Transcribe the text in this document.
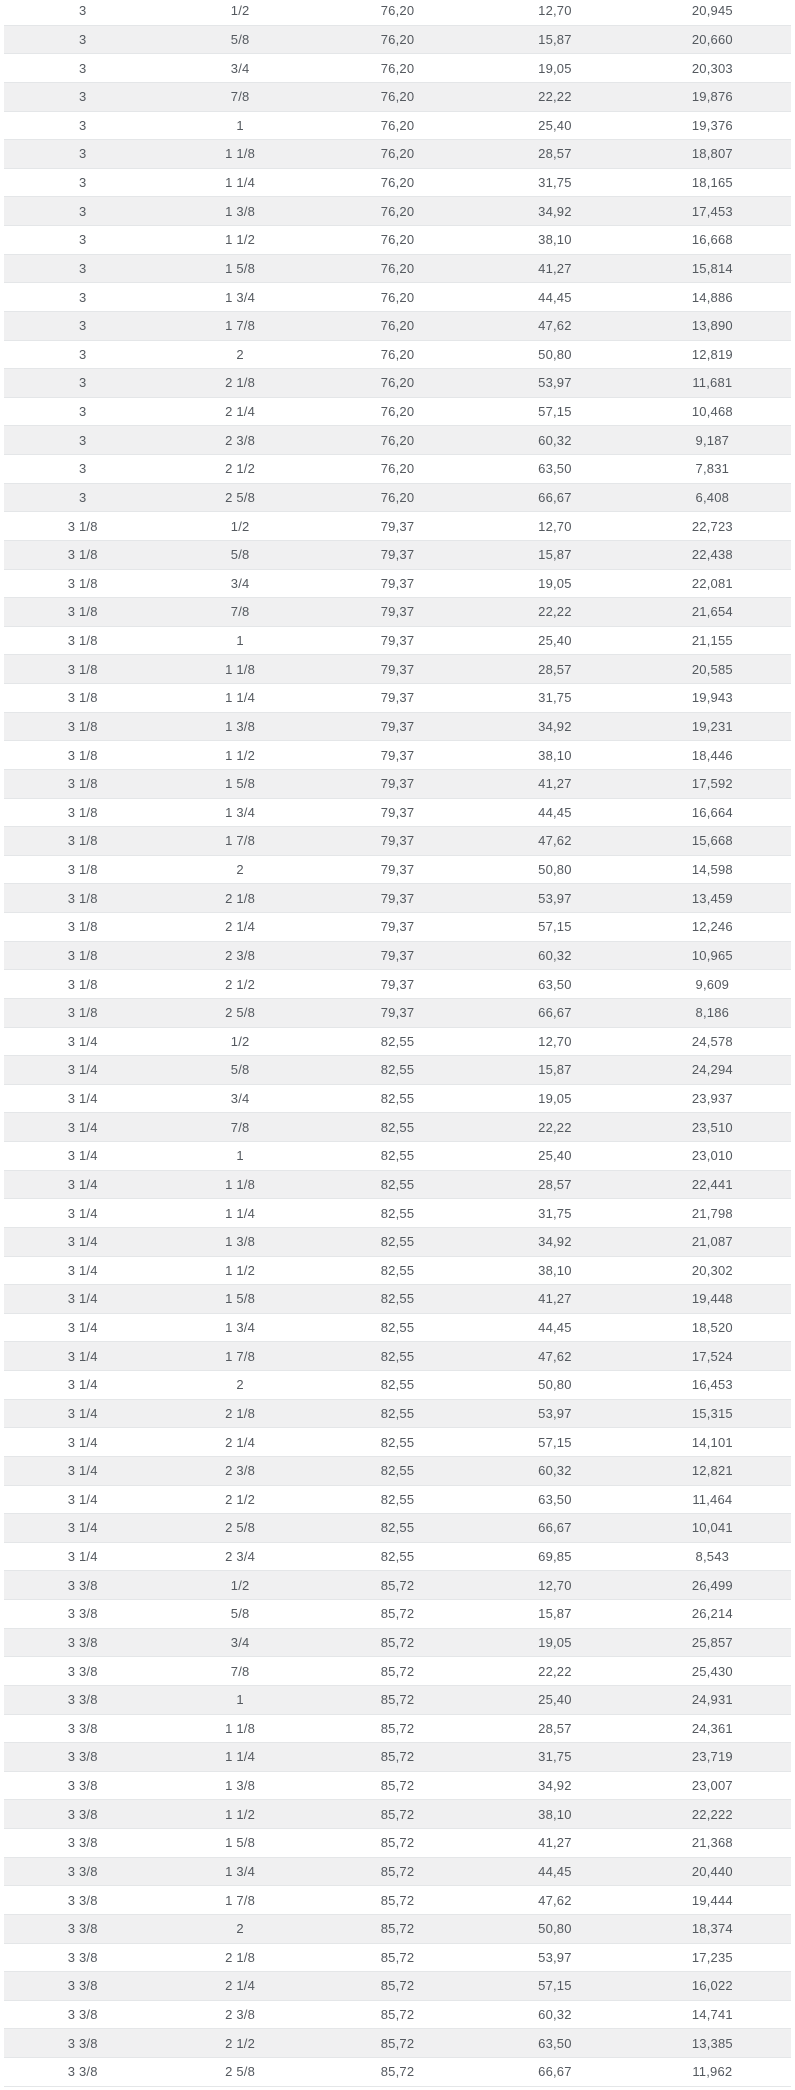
3	1/2	76,20	12,70	20,945
3	5/8	76,20	15,87	20,660
3	3/4	76,20	19,05	20,303
3	7/8	76,20	22,22	19,876
3	1	76,20	25,40	19,376
3	1 1/8	76,20	28,57	18,807
3	1 1/4	76,20	31,75	18,165
3	1 3/8	76,20	34,92	17,453
3	1 1/2	76,20	38,10	16,668
3	1 5/8	76,20	41,27	15,814
3	1 3/4	76,20	44,45	14,886
3	1 7/8	76,20	47,62	13,890
3	2	76,20	50,80	12,819
3	2 1/8	76,20	53,97	11,681
3	2 1/4	76,20	57,15	10,468
3	2 3/8	76,20	60,32	9,187
3	2 1/2	76,20	63,50	7,831
3	2 5/8	76,20	66,67	6,408
3 1/8	1/2	79,37	12,70	22,723
3 1/8	5/8	79,37	15,87	22,438
3 1/8	3/4	79,37	19,05	22,081
3 1/8	7/8	79,37	22,22	21,654
3 1/8	1	79,37	25,40	21,155
3 1/8	1 1/8	79,37	28,57	20,585
3 1/8	1 1/4	79,37	31,75	19,943
3 1/8	1 3/8	79,37	34,92	19,231
3 1/8	1 1/2	79,37	38,10	18,446
3 1/8	1 5/8	79,37	41,27	17,592
3 1/8	1 3/4	79,37	44,45	16,664
3 1/8	1 7/8	79,37	47,62	15,668
3 1/8	2	79,37	50,80	14,598
3 1/8	2 1/8	79,37	53,97	13,459
3 1/8	2 1/4	79,37	57,15	12,246
3 1/8	2 3/8	79,37	60,32	10,965
3 1/8	2 1/2	79,37	63,50	9,609
3 1/8	2 5/8	79,37	66,67	8,186
3 1/4	1/2	82,55	12,70	24,578
3 1/4	5/8	82,55	15,87	24,294
3 1/4	3/4	82,55	19,05	23,937
3 1/4	7/8	82,55	22,22	23,510
3 1/4	1	82,55	25,40	23,010
3 1/4	1 1/8	82,55	28,57	22,441
3 1/4	1 1/4	82,55	31,75	21,798
3 1/4	1 3/8	82,55	34,92	21,087
3 1/4	1 1/2	82,55	38,10	20,302
3 1/4	1 5/8	82,55	41,27	19,448
3 1/4	1 3/4	82,55	44,45	18,520
3 1/4	1 7/8	82,55	47,62	17,524
3 1/4	2	82,55	50,80	16,453
3 1/4	2 1/8	82,55	53,97	15,315
3 1/4	2 1/4	82,55	57,15	14,101
3 1/4	2 3/8	82,55	60,32	12,821
3 1/4	2 1/2	82,55	63,50	11,464
3 1/4	2 5/8	82,55	66,67	10,041
3 1/4	2 3/4	82,55	69,85	8,543
3 3/8	1/2	85,72	12,70	26,499
3 3/8	5/8	85,72	15,87	26,214
3 3/8	3/4	85,72	19,05	25,857
3 3/8	7/8	85,72	22,22	25,430
3 3/8	1	85,72	25,40	24,931
3 3/8	1 1/8	85,72	28,57	24,361
3 3/8	1 1/4	85,72	31,75	23,719
3 3/8	1 3/8	85,72	34,92	23,007
3 3/8	1 1/2	85,72	38,10	22,222
3 3/8	1 5/8	85,72	41,27	21,368
3 3/8	1 3/4	85,72	44,45	20,440
3 3/8	1 7/8	85,72	47,62	19,444
3 3/8	2	85,72	50,80	18,374
3 3/8	2 1/8	85,72	53,97	17,235
3 3/8	2 1/4	85,72	57,15	16,022
3 3/8	2 3/8	85,72	60,32	14,741
3 3/8	2 1/2	85,72	63,50	13,385
3 3/8	2 5/8	85,72	66,67	11,962
